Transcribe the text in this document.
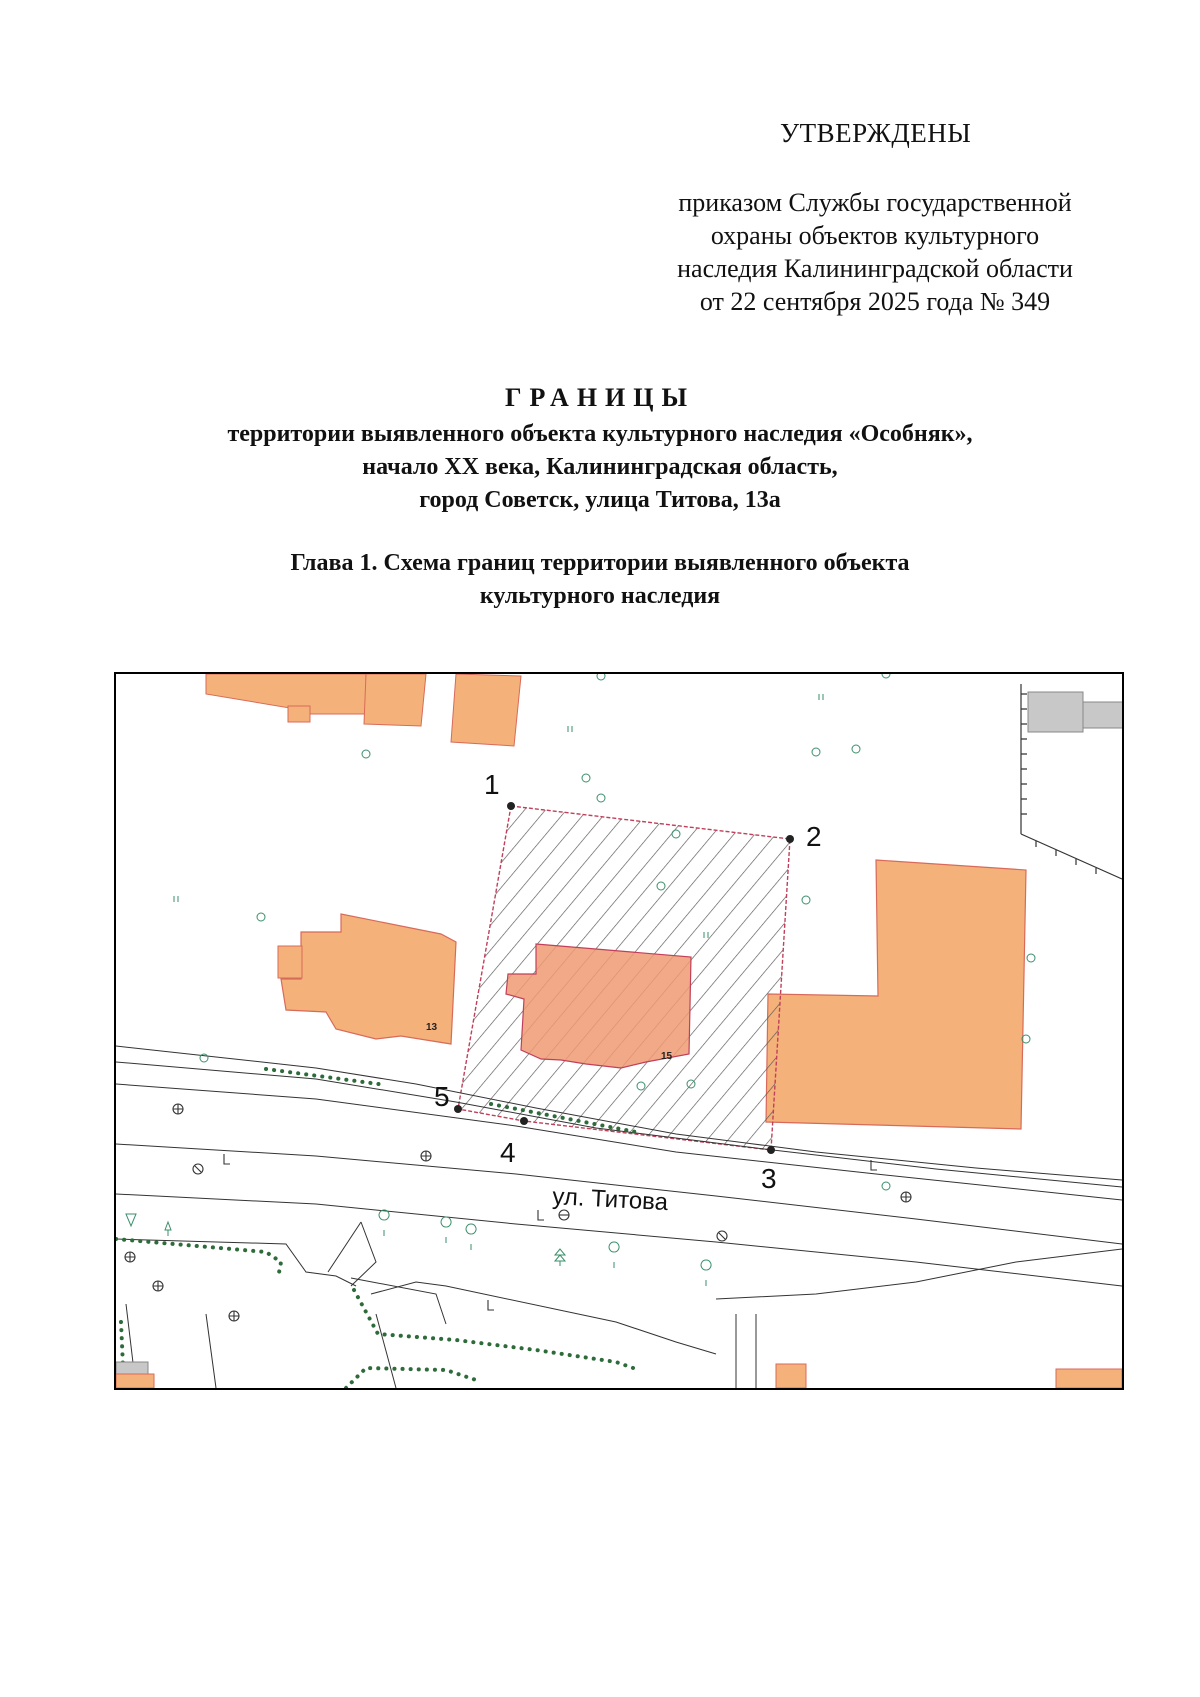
УТВЕРЖДЕНЫ
приказом Службы государственной
охраны объектов культурного
наследия Калининградской области
от 22 сентября 2025 года № 349
ГРАНИЦЫ
территории выявленного объекта культурного наследия «Особняк»,
начало XX века, Калининградская область,
город Советск, улица Титова, 13а
Глава 1. Схема границ территории выявленного объекта
культурного наследия
13
15
1
2
3
4
5
ул. Титова
